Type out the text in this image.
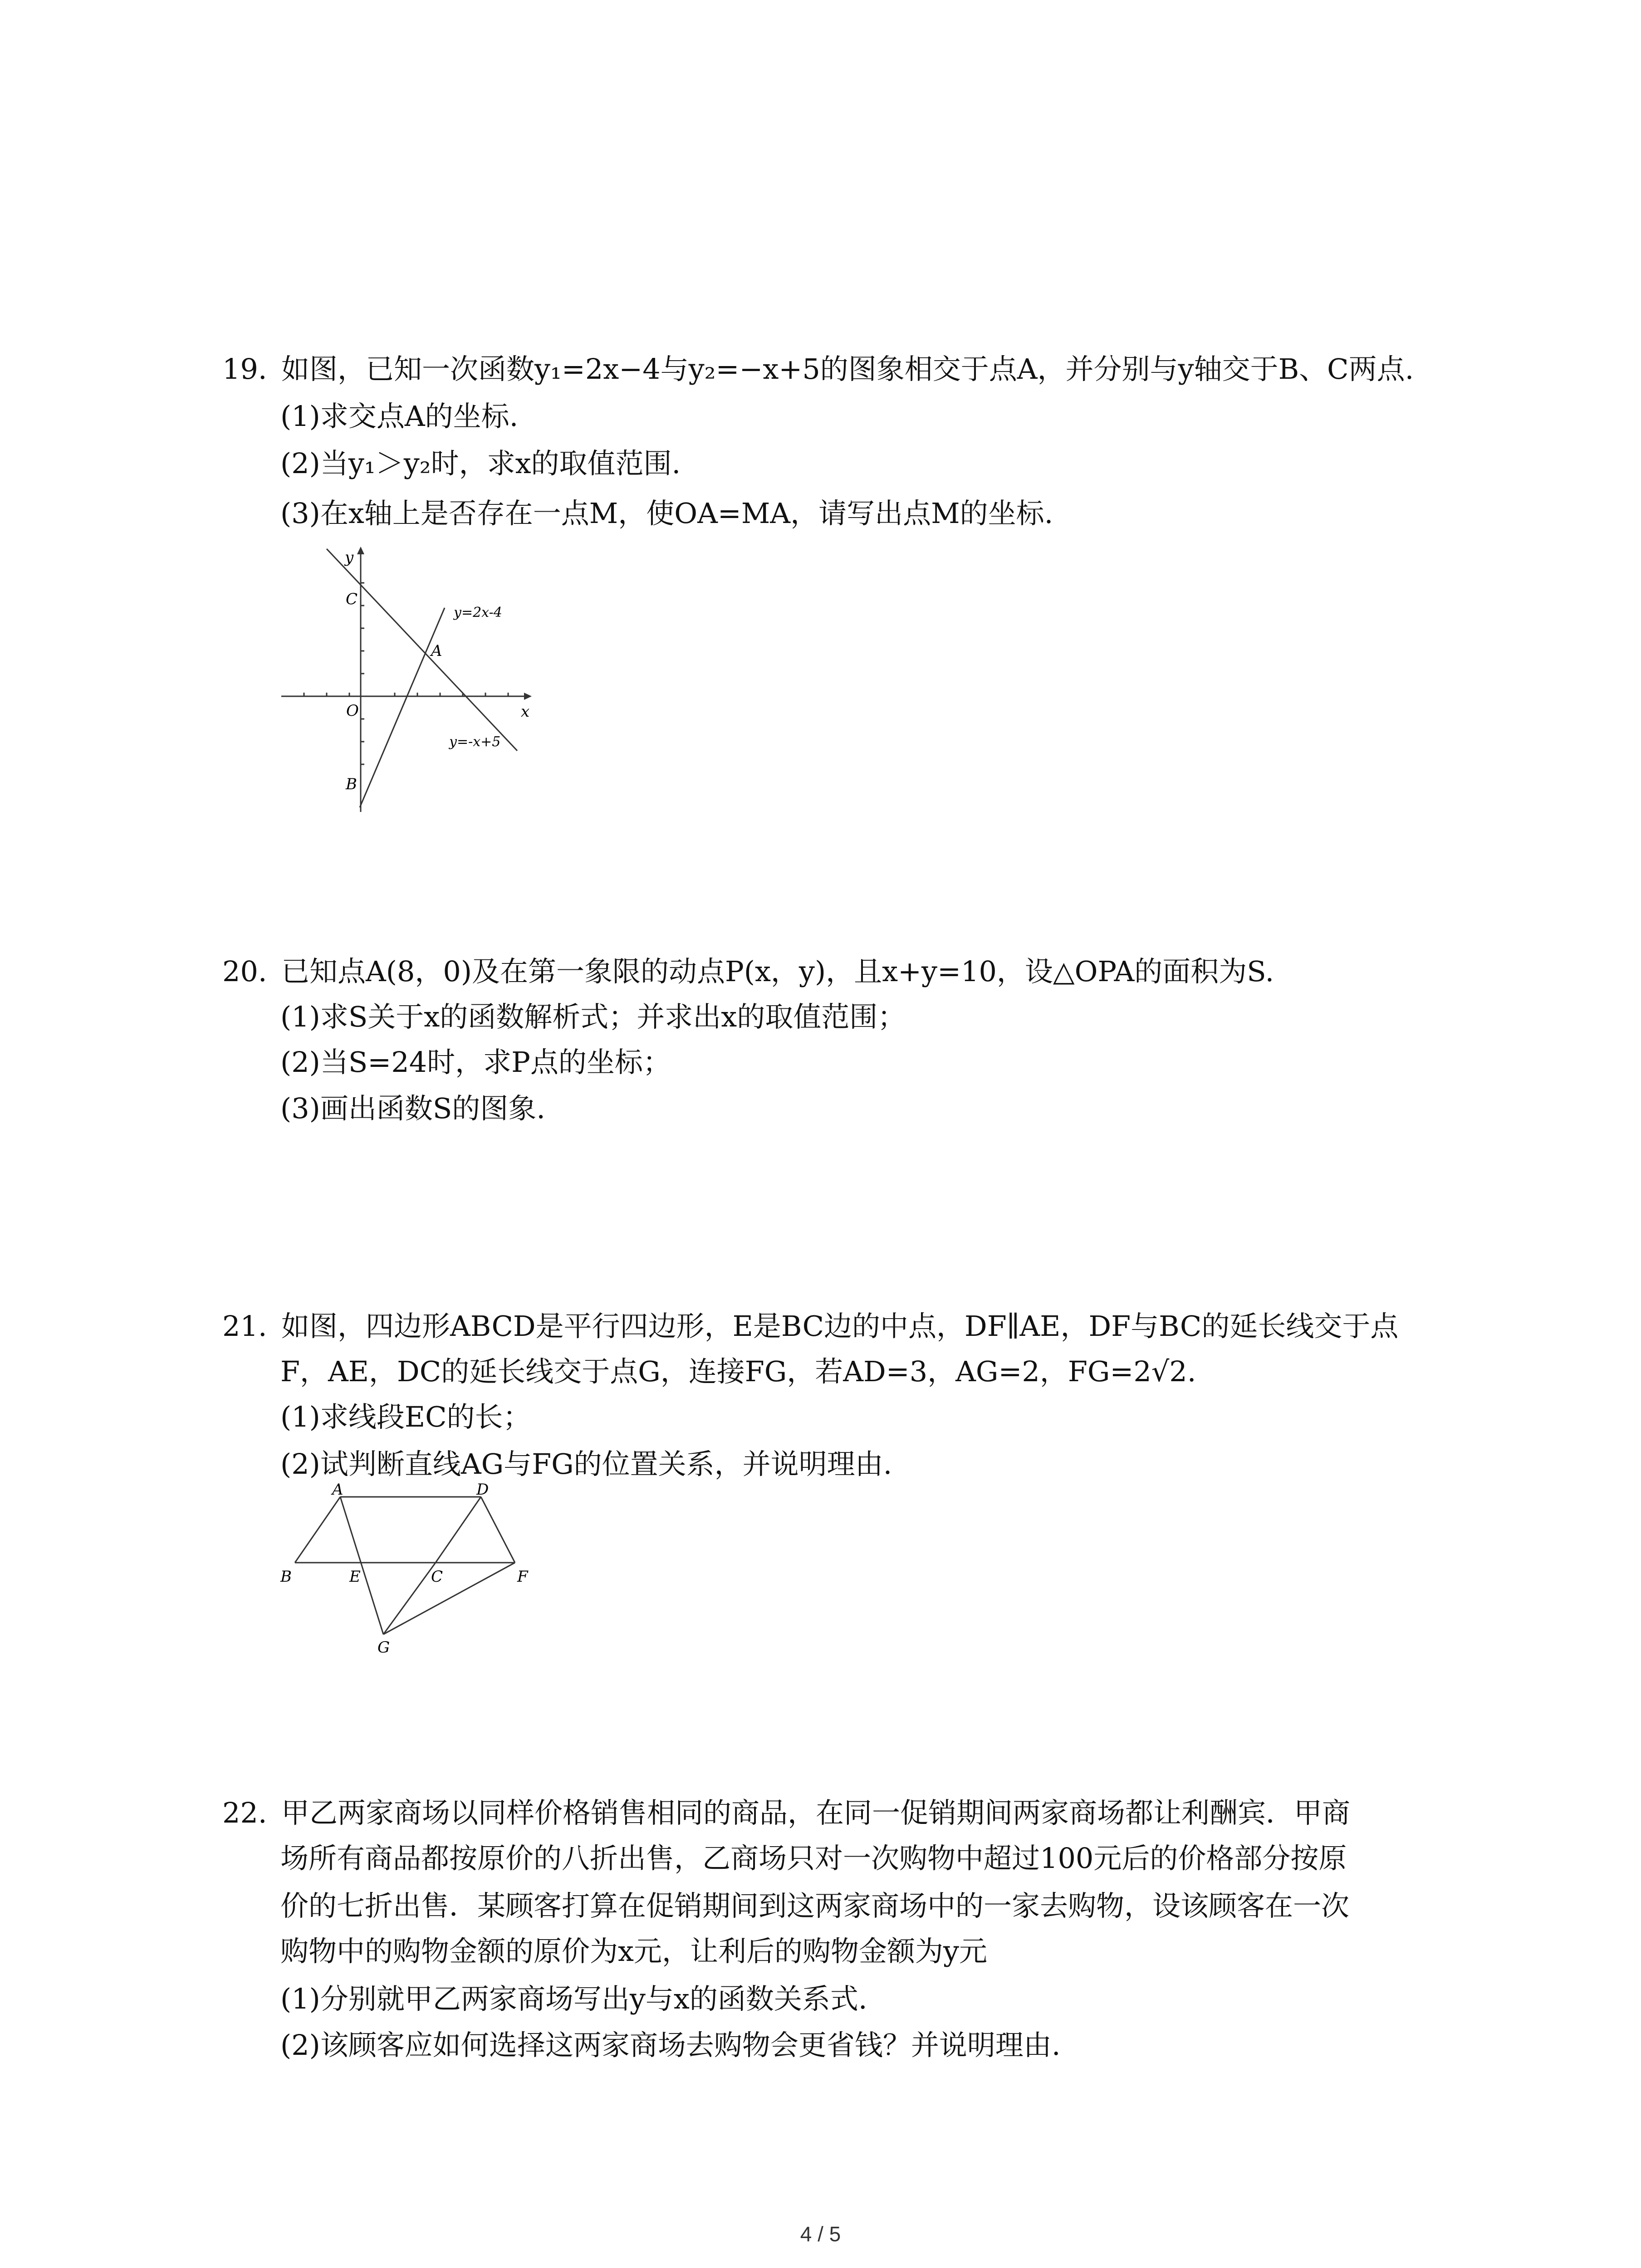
19. 如图，已知一次函数y₁=2x−4与y₂=−x+5的图象相交于点A，并分别与y轴交于B、C两点.
(1)求交点A的坐标.
(2)当y₁＞y₂时，求x的取值范围.
(3)在x轴上是否存在一点M，使OA=MA，请写出点M的坐标.
y
x
O
C
A
B
y=2x-4
y=-x+5
20. 已知点A(8，0)及在第一象限的动点P(x，y)，且x+y=10，设△OPA的面积为S.
(1)求S关于x的函数解析式；并求出x的取值范围；
(2)当S=24时，求P点的坐标；
(3)画出函数S的图象.
21. 如图，四边形ABCD是平行四边形，E是BC边的中点，DF∥AE，DF与BC的延长线交于点
F，AE，DC的延长线交于点G，连接FG，若AD=3，AG=2，FG=2√2.
(1)求线段EC的长；
(2)试判断直线AG与FG的位置关系，并说明理由.
A	D
B	E	C	F
G
22. 甲乙两家商场以同样价格销售相同的商品，在同一促销期间两家商场都让利酬宾．甲商
场所有商品都按原价的八折出售，乙商场只对一次购物中超过100元后的价格部分按原
价的七折出售．某顾客打算在促销期间到这两家商场中的一家去购物，设该顾客在一次
购物中的购物金额的原价为x元，让利后的购物金额为y元
(1)分别就甲乙两家商场写出y与x的函数关系式.
(2)该顾客应如何选择这两家商场去购物会更省钱？并说明理由.
4 / 5
